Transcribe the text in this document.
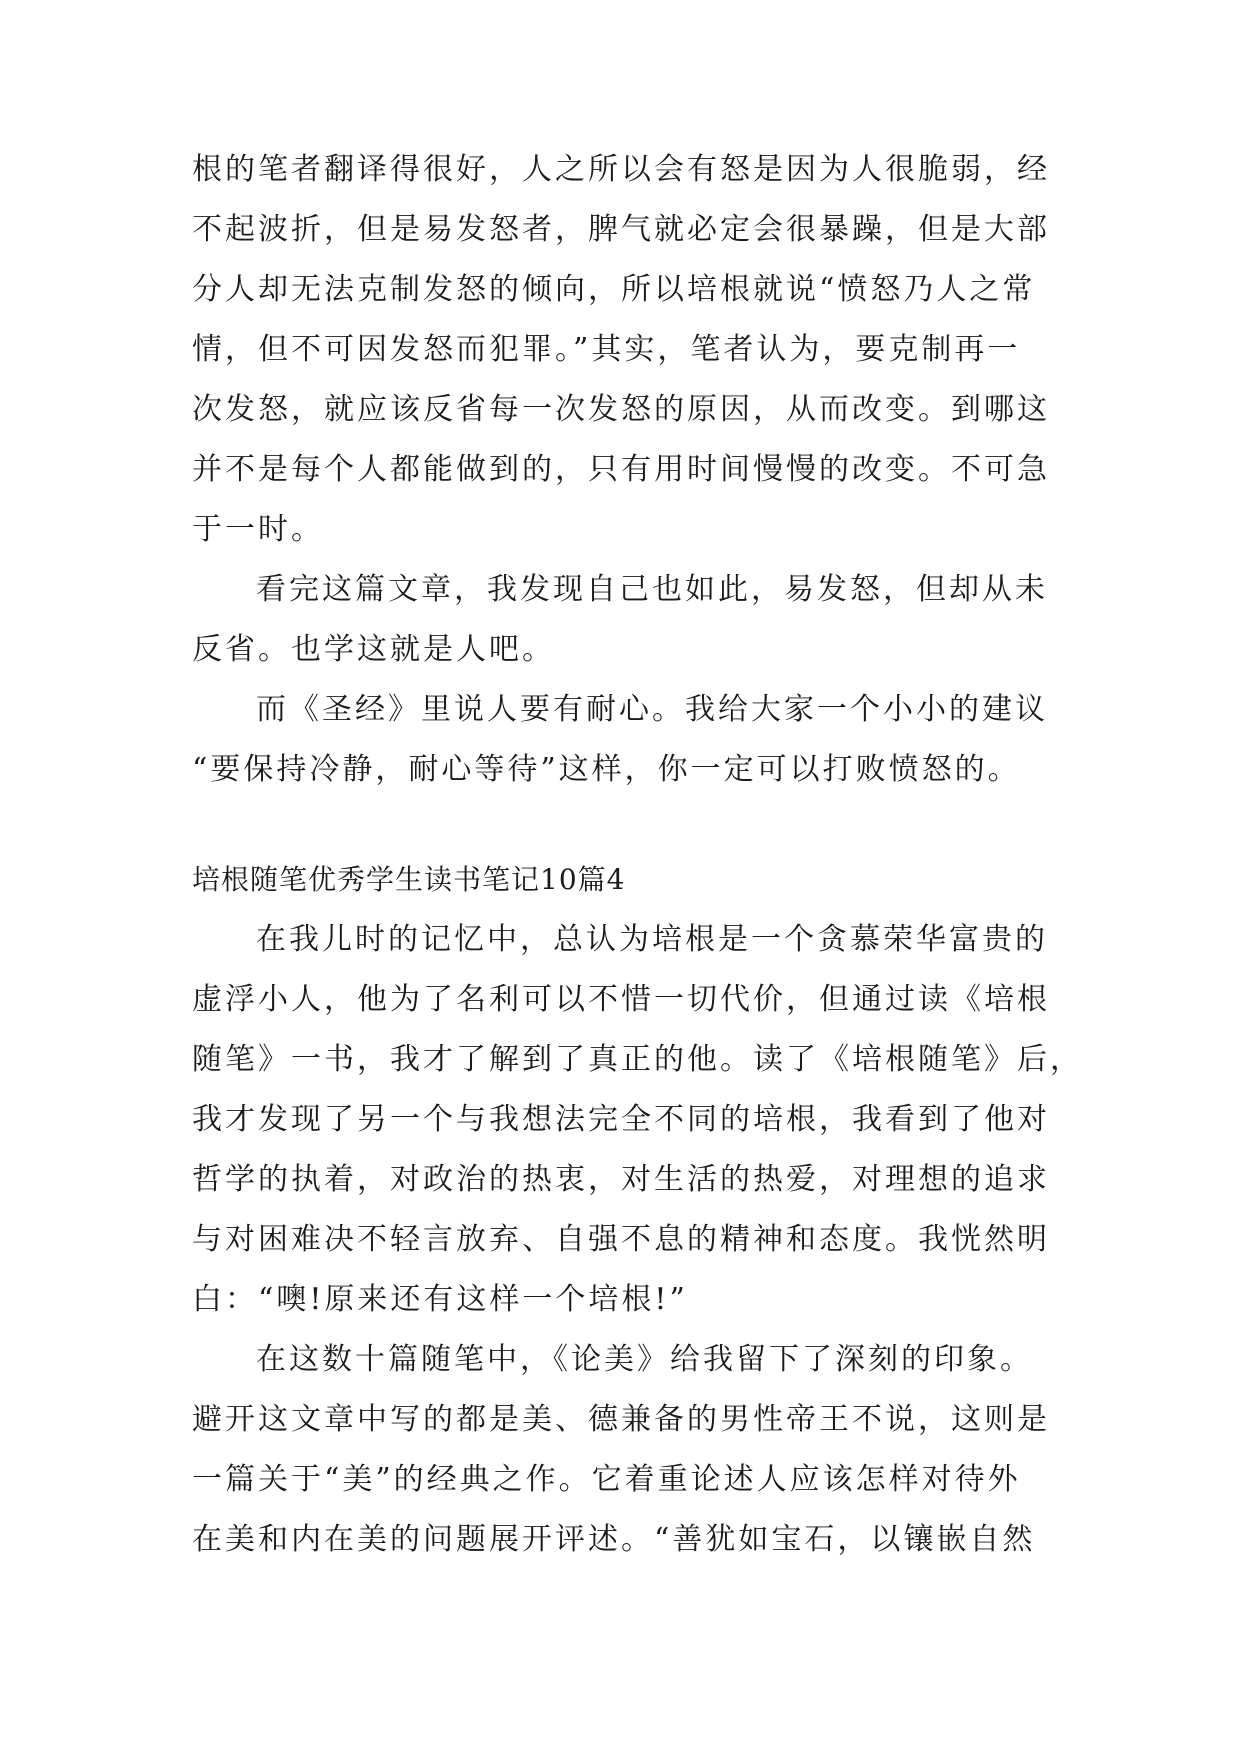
根的笔者翻译得很好，人之所以会有怒是因为人很脆弱，经
不起波折，但是易发怒者，脾气就必定会很暴躁，但是大部
分人却无法克制发怒的倾向，所以培根就说“愤怒乃人之常
情，但不可因发怒而犯罪。”其实，笔者认为，要克制再一
次发怒，就应该反省每一次发怒的原因，从而改变。到哪这
并不是每个人都能做到的，只有用时间慢慢的改变。不可急
于一时。
看完这篇文章，我发现自己也如此，易发怒，但却从未
反省。也学这就是人吧。
而《圣经》里说人要有耐心。我给大家一个小小的建议
“要保持冷静，耐心等待”这样，你一定可以打败愤怒的。
培根随笔优秀学生读书笔记10篇4
在我儿时的记忆中，总认为培根是一个贪慕荣华富贵的
虚浮小人，他为了名利可以不惜一切代价，但通过读《培根
随笔》一书，我才了解到了真正的他。读了《培根随笔》后，
我才发现了另一个与我想法完全不同的培根，我看到了他对
哲学的执着，对政治的热衷，对生活的热爱，对理想的追求
与对困难决不轻言放弃、自强不息的精神和态度。我恍然明
白：“噢!原来还有这样一个培根!”
在这数十篇随笔中，《论美》给我留下了深刻的印象。
避开这文章中写的都是美、德兼备的男性帝王不说，这则是
一篇关于“美”的经典之作。它着重论述人应该怎样对待外
在美和内在美的问题展开评述。“善犹如宝石，以镶嵌自然
